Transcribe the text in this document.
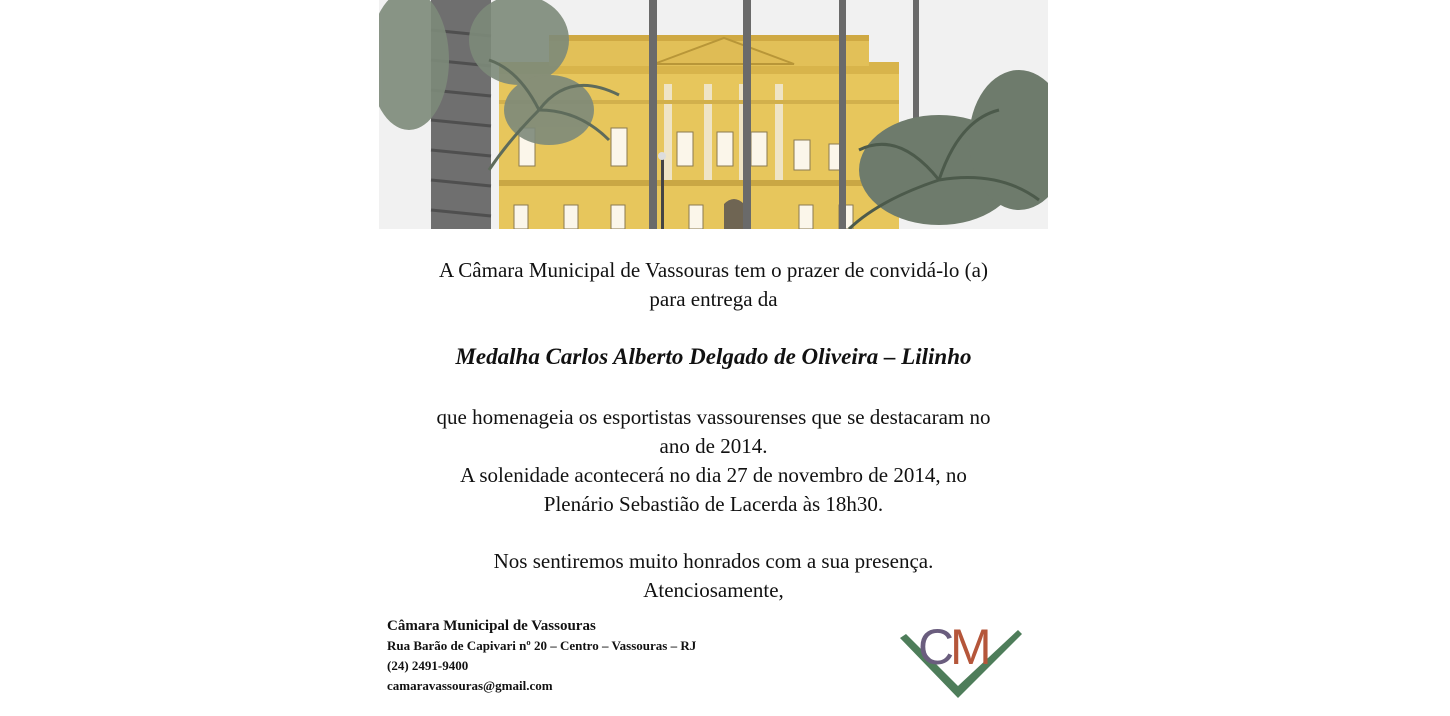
A Câmara Municipal de Vassouras tem o prazer de convidá-lo (a)
para entrega da
Medalha Carlos Alberto Delgado de Oliveira – Lilinho
que homenageia os esportistas vassourenses que se destacaram no
ano de 2014.
A solenidade acontecerá no dia 27 de novembro de 2014, no
Plenário Sebastião de Lacerda às 18h30.
Nos sentiremos muito honrados com a sua presença.
Atenciosamente,
Câmara Municipal de Vassouras
Rua Barão de Capivari nº 20 – Centro – Vassouras – RJ
(24) 2491-9400
camaravassouras@gmail.com
C
M
